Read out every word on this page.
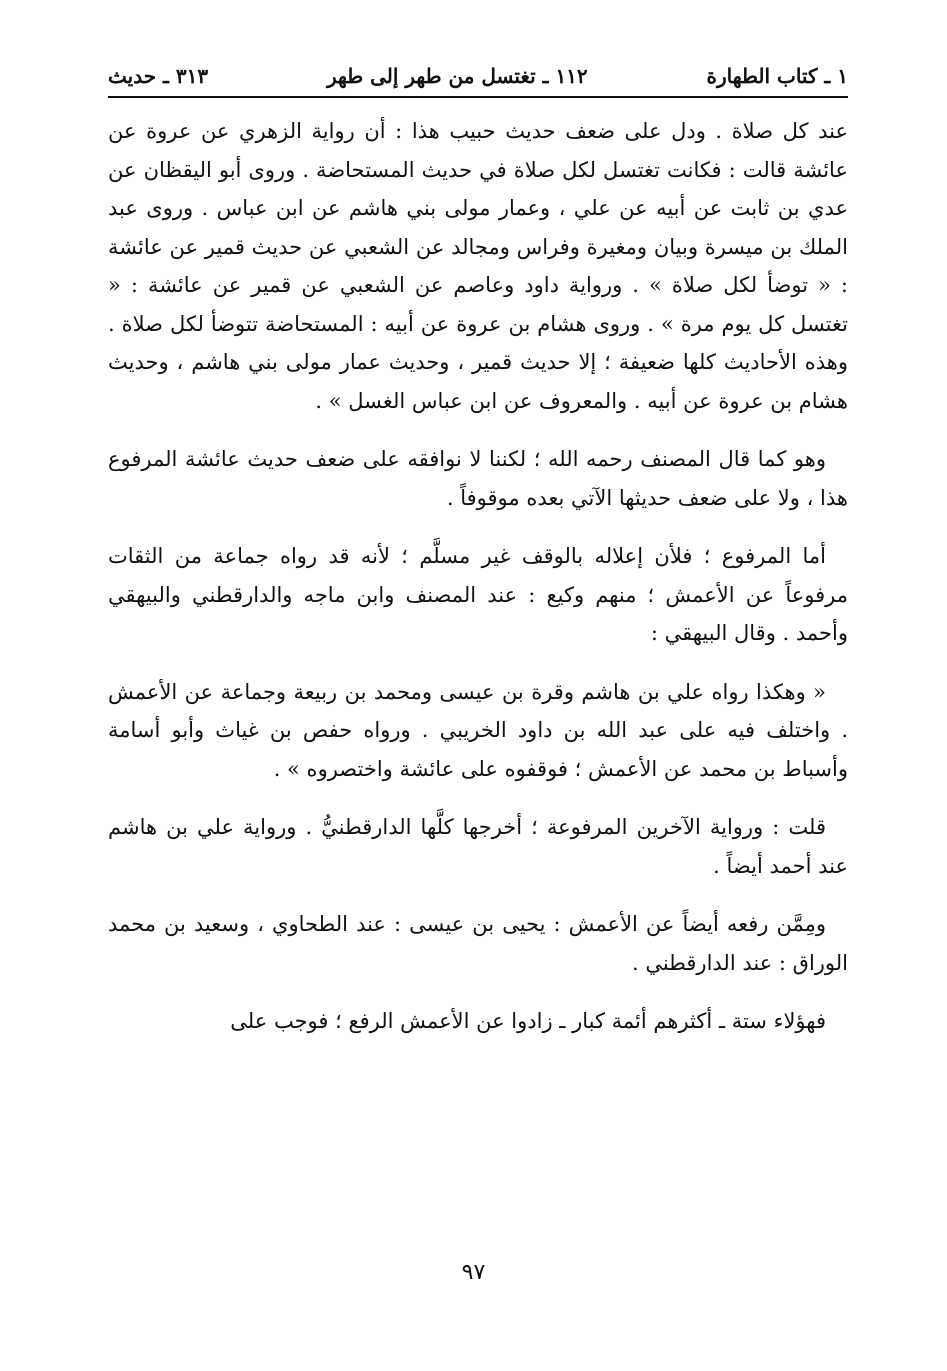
١ ـ كتاب الطهارة
١١٢ ـ تغتسل من طهر إلى طهر
٣١٣ ـ حديث

عند كل صلاة . ودل على ضعف حديث حبيب هذا : أن رواية الزهري عن عروة عن عائشة قالت : فكانت تغتسل لكل صلاة في حديث المستحاضة . وروى أبو اليقظان عن عدي بن ثابت عن أبيه عن علي ، وعمار مولى بني هاشم عن ابن عباس . وروى عبد الملك بن ميسرة وبيان ومغيرة وفراس ومجالد عن الشعبي عن حديث قمير عن عائشة : « توضأ لكل صلاة » . ورواية داود وعاصم عن الشعبي عن قمير عن عائشة : « تغتسل كل يوم مرة » . وروى هشام بن عروة عن أبيه : المستحاضة تتوضأ لكل صلاة . وهذه الأحاديث كلها ضعيفة ؛ إلا حديث قمير ، وحديث عمار مولى بني هاشم ، وحديث هشام بن عروة عن أبيه . والمعروف عن ابن عباس الغسل » .

وهو كما قال المصنف رحمه الله ؛ لكننا لا نوافقه على ضعف حديث عائشة المرفوع هذا ، ولا على ضعف حديثها الآتي بعده موقوفاً .

أما المرفوع ؛ فلأن إعلاله بالوقف غير مسلَّم ؛ لأنه قد رواه جماعة من الثقات مرفوعاً عن الأعمش ؛ منهم وكيع : عند المصنف وابن ماجه والدارقطني والبيهقي وأحمد . وقال البيهقي :

« وهكذا رواه علي بن هاشم وقرة بن عيسى ومحمد بن ربيعة وجماعة عن الأعمش . واختلف فيه على عبد الله بن داود الخريبي . ورواه حفص بن غياث وأبو أسامة وأسباط بن محمد عن الأعمش ؛ فوقفوه على عائشة واختصروه » .

قلت : ورواية الآخرين المرفوعة ؛ أخرجها كلَّها الدارقطنيُّ . ورواية علي بن هاشم عند أحمد أيضاً .

ومِمَّن رفعه أيضاً عن الأعمش : يحيى بن عيسى : عند الطحاوي ، وسعيد بن محمد الوراق : عند الدارقطني .

فهؤلاء ستة ـ أكثرهم أئمة كبار ـ زادوا عن الأعمش الرفع ؛ فوجب على

٩٧
